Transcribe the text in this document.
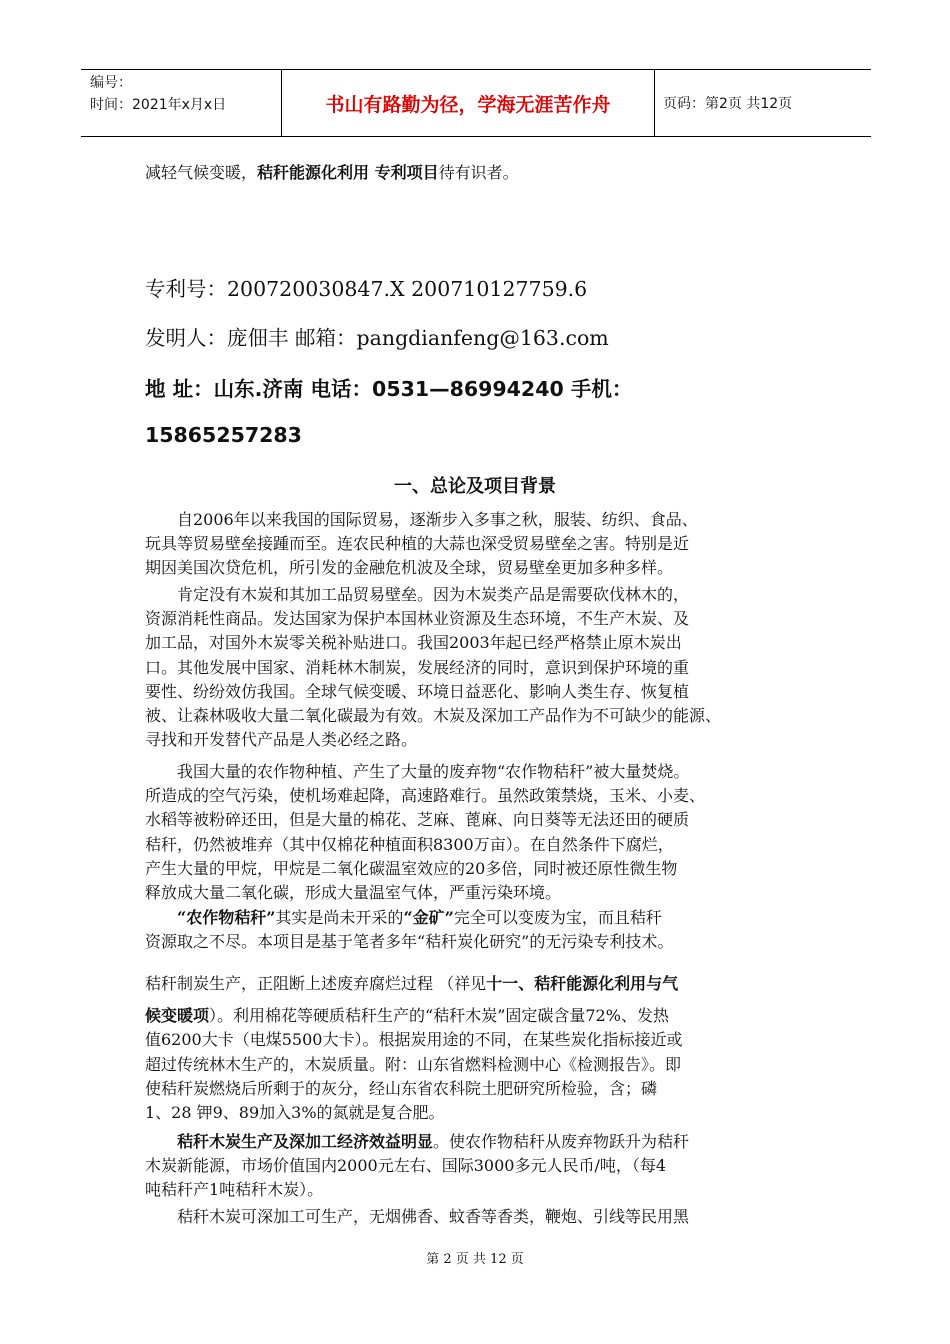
编号：
时间：2021年x月x日	书山有路勤为径，学海无涯苦作舟	页码：第2页 共12页
减轻气候变暖，秸秆能源化利用 专利项目待有识者。
专利号：200720030847.X 200710127759.6
发明人：庞佃丰 邮箱：pangdianfeng@163.com
地 址：山东.济南 电话：0531—86994240 手机：
15865257283
一、总论及项目背景
自2006年以来我国的国际贸易，逐渐步入多事之秋，服装、纺织、食品、
玩具等贸易壁垒接踵而至。连农民种植的大蒜也深受贸易壁垒之害。特别是近
期因美国次贷危机，所引发的金融危机波及全球，贸易壁垒更加多种多样。
肯定没有木炭和其加工品贸易壁垒。因为木炭类产品是需要砍伐林木的，
资源消耗性商品。发达国家为保护本国林业资源及生态环境，不生产木炭、及
加工品，对国外木炭零关税补贴进口。我国2003年起已经严格禁止原木炭出
口。其他发展中国家、消耗林木制炭，发展经济的同时，意识到保护环境的重
要性、纷纷效仿我国。全球气候变暖、环境日益恶化、影响人类生存、恢复植
被、让森林吸收大量二氧化碳最为有效。木炭及深加工产品作为不可缺少的能源、
寻找和开发替代产品是人类必经之路。
我国大量的农作物种植、产生了大量的废弃物“农作物秸秆”被大量焚烧。
所造成的空气污染，使机场难起降，高速路难行。虽然政策禁烧，玉米、小麦、
水稻等被粉碎还田，但是大量的棉花、芝麻、蓖麻、向日葵等无法还田的硬质
秸秆，仍然被堆弃（其中仅棉花种植面积8300万亩）。在自然条件下腐烂，
产生大量的甲烷，甲烷是二氧化碳温室效应的20多倍，同时被还原性微生物
释放成大量二氧化碳，形成大量温室气体，严重污染环境。
“农作物秸秆”其实是尚未开采的“金矿”完全可以变废为宝，而且秸秆
资源取之不尽。本项目是基于笔者多年“秸秆炭化研究”的无污染专利技术。
秸秆制炭生产，正阻断上述废弃腐烂过程 （祥见十一、秸秆能源化利用与气
候变暖项）。利用棉花等硬质秸秆生产的“秸秆木炭”固定碳含量72%、发热
值6200大卡（电煤5500大卡）。根据炭用途的不同，在某些炭化指标接近或
超过传统林木生产的，木炭质量。附：山东省燃料检测中心《检测报告》。即
使秸秆炭燃烧后所剩于的灰分，经山东省农科院土肥研究所检验，含；磷
1、28 钾9、89加入3%的氮就是复合肥。
秸秆木炭生产及深加工经济效益明显。使农作物秸秆从废弃物跃升为秸秆
木炭新能源，市场价值国内2000元左右、国际3000多元人民币/吨，（每4
吨秸秆产1吨秸秆木炭）。
秸秆木炭可深加工可生产，无烟佛香、蚊香等香类，鞭炮、引线等民用黑
第 2 页 共 12 页
